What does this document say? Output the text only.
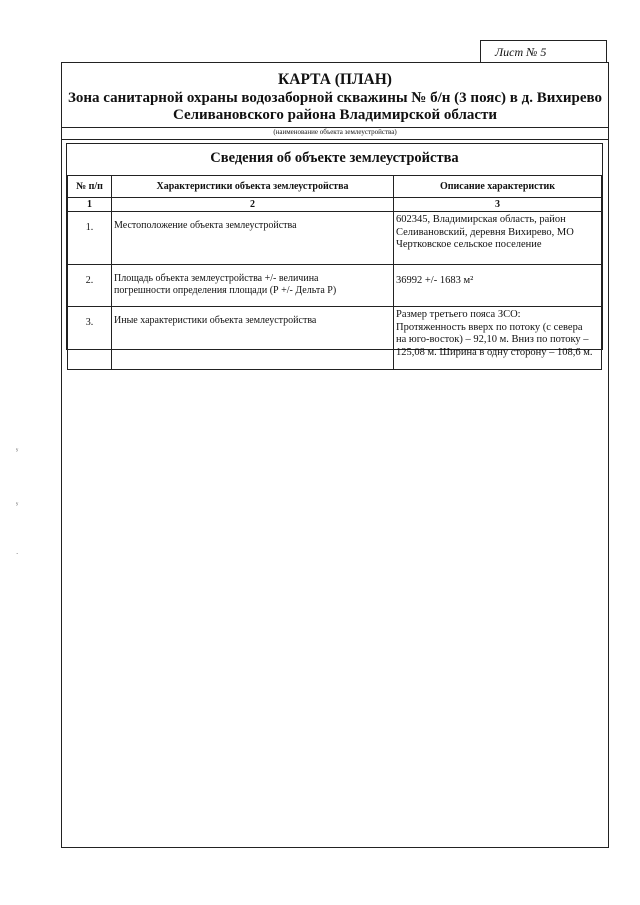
Лист № 5
КАРТА (ПЛАН)
Зона санитарной охраны водозаборной скважины № б/н (3 пояс) в д. Вихирево
Селивановского района Владимирской области
(наименование объекта землеустройства)
Сведения об объекте землеустройства
№ п/п	Характеристики объекта землеустройства	Описание характеристик
1	2	3
1.	Местоположение объекта землеустройства	602345, Владимирская область, район
Селивановский, деревня Вихирево, МО
Чертковское сельское поселение

2.	Площадь объекта землеустройства +/- величина
погрешности определения площади (Р +/- Дельта Р)	36992 +/- 1683 м²

3.	Иные характеристики объекта землеустройства	Размер третьего пояса ЗСО:
Протяженность вверх по потоку (с севера
на юго-восток) – 92,10 м. Вниз по потоку –
125,08 м. Ширина в одну сторону – 108,6 м.
ʸ
ʸ
ˑ
